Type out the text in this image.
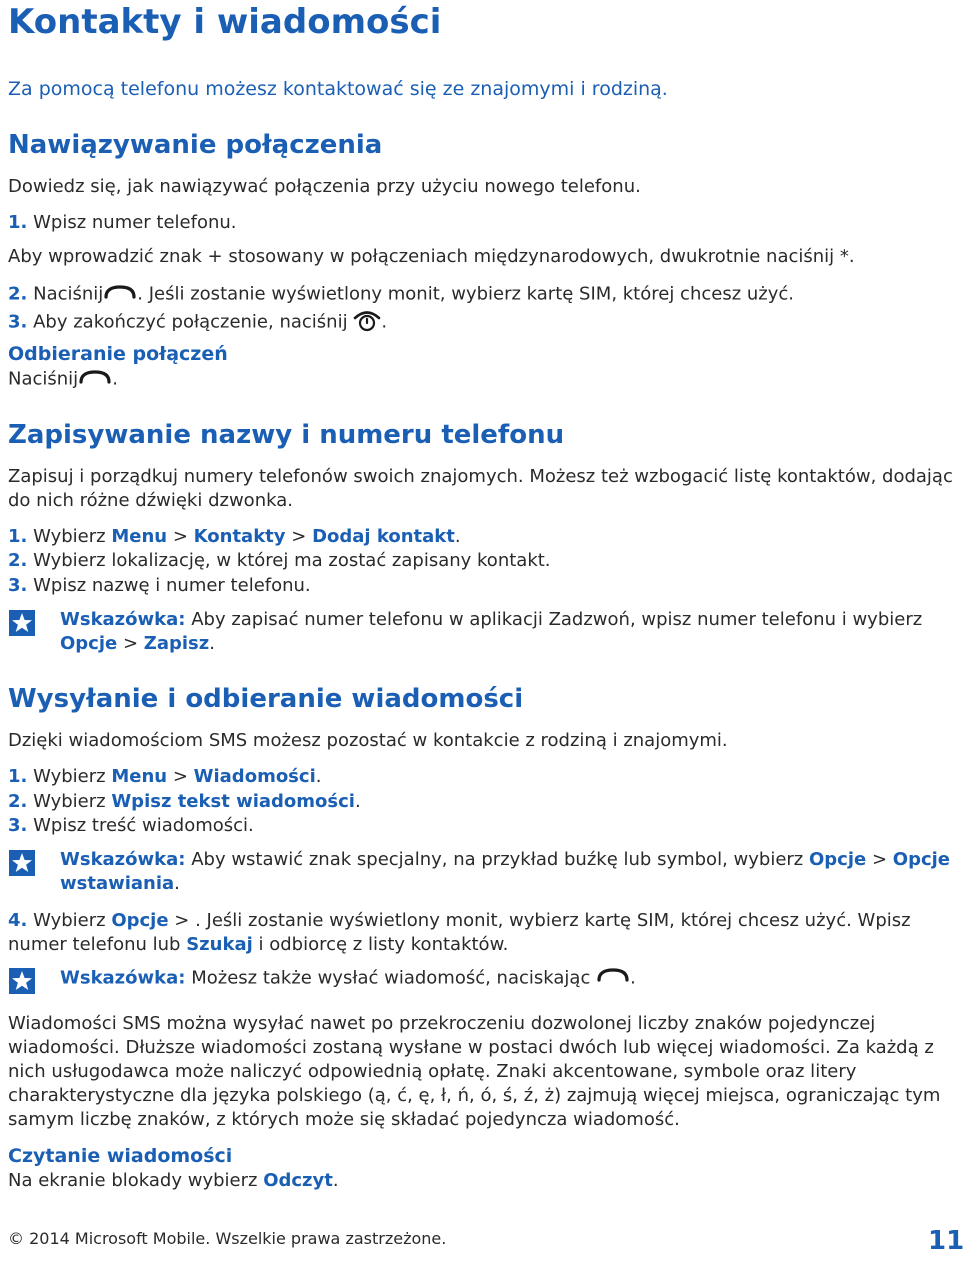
Kontakty i wiadomości
Za pomocą telefonu możesz kontaktować się ze znajomymi i rodziną.
Nawiązywanie połączenia
Dowiedz się, jak nawiązywać połączenia przy użyciu nowego telefonu.
1. Wpisz numer telefonu.
Aby wprowadzić znak + stosowany w połączeniach międzynarodowych, dwukrotnie naciśnij *.
2. Naciśnij . Jeśli zostanie wyświetlony monit, wybierz kartę SIM, której chcesz użyć.
3. Aby zakończyć połączenie, naciśnij .
Odbieranie połączeń
Naciśnij .
Zapisywanie nazwy i numeru telefonu
Zapisuj i porządkuj numery telefonów swoich znajomych. Możesz też wzbogacić listę kontaktów, dodając do nich różne dźwięki dzwonka.
1. Wybierz Menu > Kontakty > Dodaj kontakt.
2. Wybierz lokalizację, w której ma zostać zapisany kontakt.
3. Wpisz nazwę i numer telefonu.
Wskazówka: Aby zapisać numer telefonu w aplikacji Zadzwoń, wpisz numer telefonu i wybierz Opcje > Zapisz.
Wysyłanie i odbieranie wiadomości
Dzięki wiadomościom SMS możesz pozostać w kontakcie z rodziną i znajomymi.
1. Wybierz Menu > Wiadomości.
2. Wybierz Wpisz tekst wiadomości.
3. Wpisz treść wiadomości.
Wskazówka: Aby wstawić znak specjalny, na przykład buźkę lub symbol, wybierz Opcje > Opcje wstawiania.
4. Wybierz Opcje > . Jeśli zostanie wyświetlony monit, wybierz kartę SIM, której chcesz użyć. Wpisz numer telefonu lub Szukaj i odbiorcę z listy kontaktów.
Wskazówka: Możesz także wysłać wiadomość, naciskając .
Wiadomości SMS można wysyłać nawet po przekroczeniu dozwolonej liczby znaków pojedynczej wiadomości. Dłuższe wiadomości zostaną wysłane w postaci dwóch lub więcej wiadomości. Za każdą z nich usługodawca może naliczyć odpowiednią opłatę. Znaki akcentowane, symbole oraz litery charakterystyczne dla języka polskiego (ą, ć, ę, ł, ń, ó, ś, ź, ż) zajmują więcej miejsca, ograniczając tym samym liczbę znaków, z których może się składać pojedyncza wiadomość.
Czytanie wiadomości
Na ekranie blokady wybierz Odczyt.
© 2014 Microsoft Mobile. Wszelkie prawa zastrzeżone.	11
